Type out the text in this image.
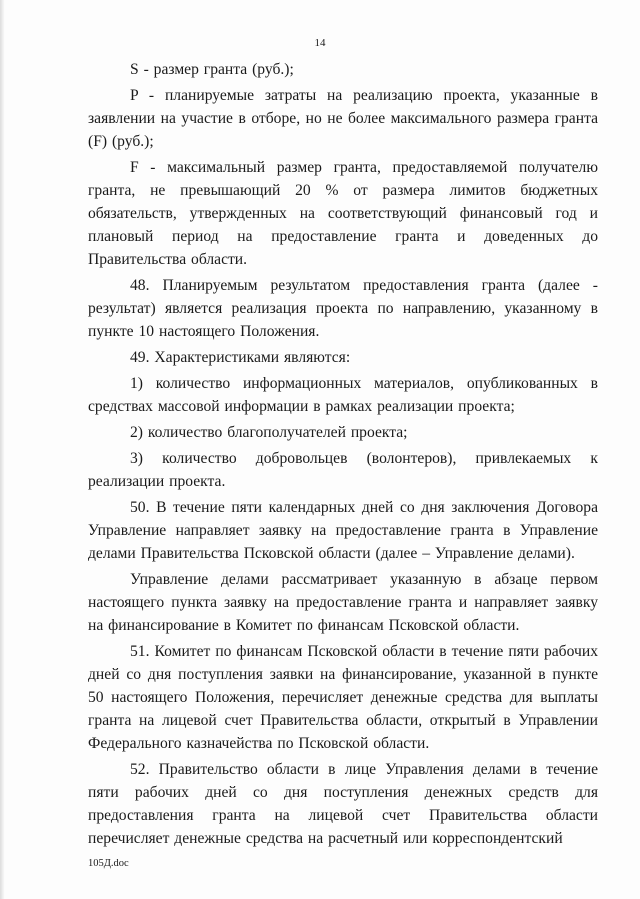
14

S - размер гранта (руб.);

P - планируемые затраты на реализацию проекта, указанные в заявлении на участие в отборе, но не более максимального размера гранта (F) (руб.);

F - максимальный размер гранта, предоставляемой получателю гранта, не превышающий 20 % от размера лимитов бюджетных обязательств, утвержденных на соответствующий финансовый год и плановый период на предоставление гранта и доведенных до Правительства области.

48. Планируемым результатом предоставления гранта (далее - результат) является реализация проекта по направлению, указанному в пункте 10 настоящего Положения.

49. Характеристиками являются:

1) количество информационных материалов, опубликованных в средствах массовой информации в рамках реализации проекта;

2) количество благополучателей проекта;

3) количество добровольцев (волонтеров), привлекаемых к реализации проекта.

50. В течение пяти календарных дней со дня заключения Договора Управление направляет заявку на предоставление гранта в Управление делами Правительства Псковской области (далее – Управление делами).

Управление делами рассматривает указанную в абзаце первом настоящего пункта заявку на предоставление гранта и направляет заявку на финансирование в Комитет по финансам Псковской области.

51. Комитет по финансам Псковской области в течение пяти рабочих дней со дня поступления заявки на финансирование, указанной в пункте 50 настоящего Положения, перечисляет денежные средства для выплаты гранта на лицевой счет Правительства области, открытый в Управлении Федерального казначейства по Псковской области.

52. Правительство области в лице Управления делами в течение пяти рабочих дней со дня поступления денежных средств для предоставления гранта на лицевой счет Правительства области перечисляет денежные средства на расчетный или корреспондентский

105Д.doc
